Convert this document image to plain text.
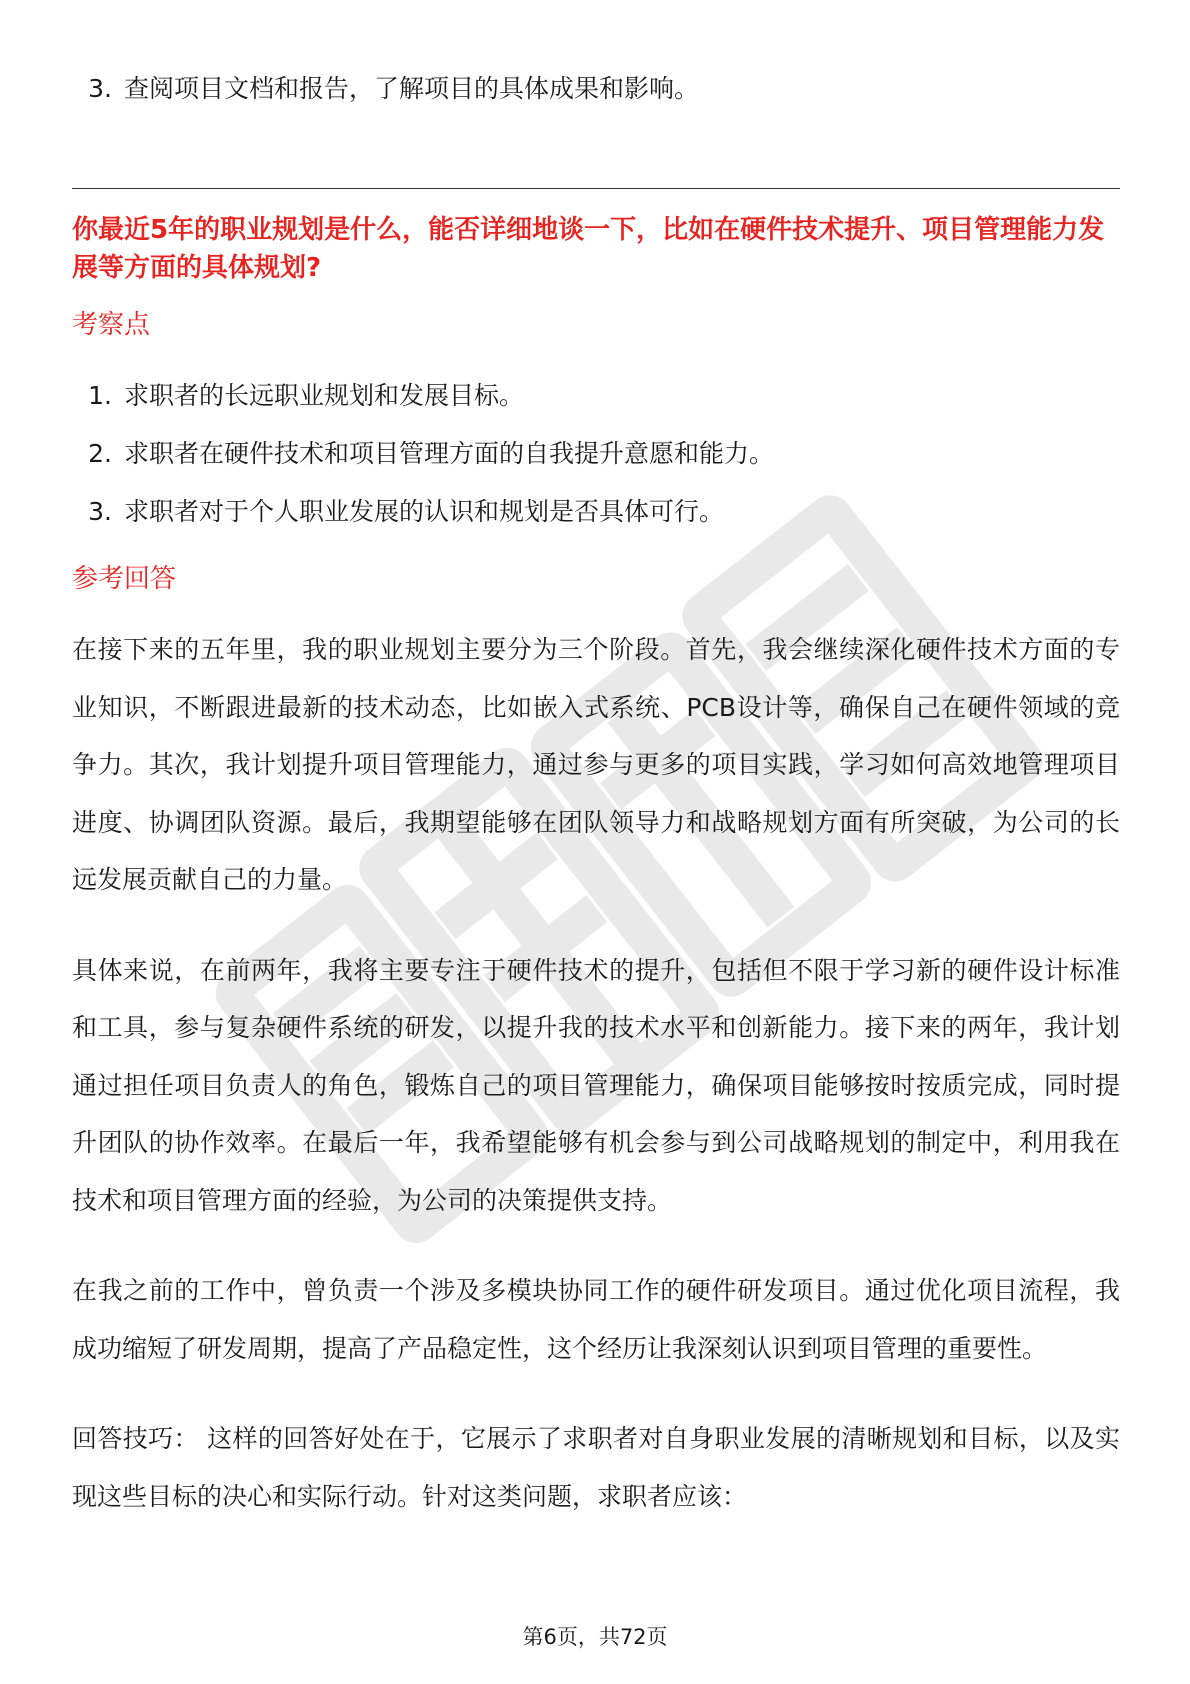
3. 查阅项目文档和报告，了解项目的具体成果和影响。

你最近5年的职业规划是什么，能否详细地谈一下，比如在硬件技术提升、项目管理能力发展等方面的具体规划?

考察点
1. 求职者的长远职业规划和发展目标。
2. 求职者在硬件技术和项目管理方面的自我提升意愿和能力。
3. 求职者对于个人职业发展的认识和规划是否具体可行。
参考回答

在接下来的五年里，我的职业规划主要分为三个阶段。首先，我会继续深化硬件技术方面的专业知识，不断跟进最新的技术动态，比如嵌入式系统、PCB设计等，确保自己在硬件领域的竞争力。其次，我计划提升项目管理能力，通过参与更多的项目实践，学习如何高效地管理项目进度、协调团队资源。最后，我期望能够在团队领导力和战略规划方面有所突破，为公司的长远发展贡献自己的力量。

具体来说，在前两年，我将主要专注于硬件技术的提升，包括但不限于学习新的硬件设计标准和工具，参与复杂硬件系统的研发，以提升我的技术水平和创新能力。接下来的两年，我计划通过担任项目负责人的角色，锻炼自己的项目管理能力，确保项目能够按时按质完成，同时提升团队的协作效率。在最后一年，我希望能够有机会参与到公司战略规划的制定中，利用我在技术和项目管理方面的经验，为公司的决策提供支持。

在我之前的工作中，曾负责一个涉及多模块协同工作的硬件研发项目。通过优化项目流程，我成功缩短了研发周期，提高了产品稳定性，这个经历让我深刻认识到项目管理的重要性。

回答技巧： 这样的回答好处在于，它展示了求职者对自身职业发展的清晰规划和目标，以及实现这些目标的决心和实际行动。针对这类问题，求职者应该：

第6页，共72页
